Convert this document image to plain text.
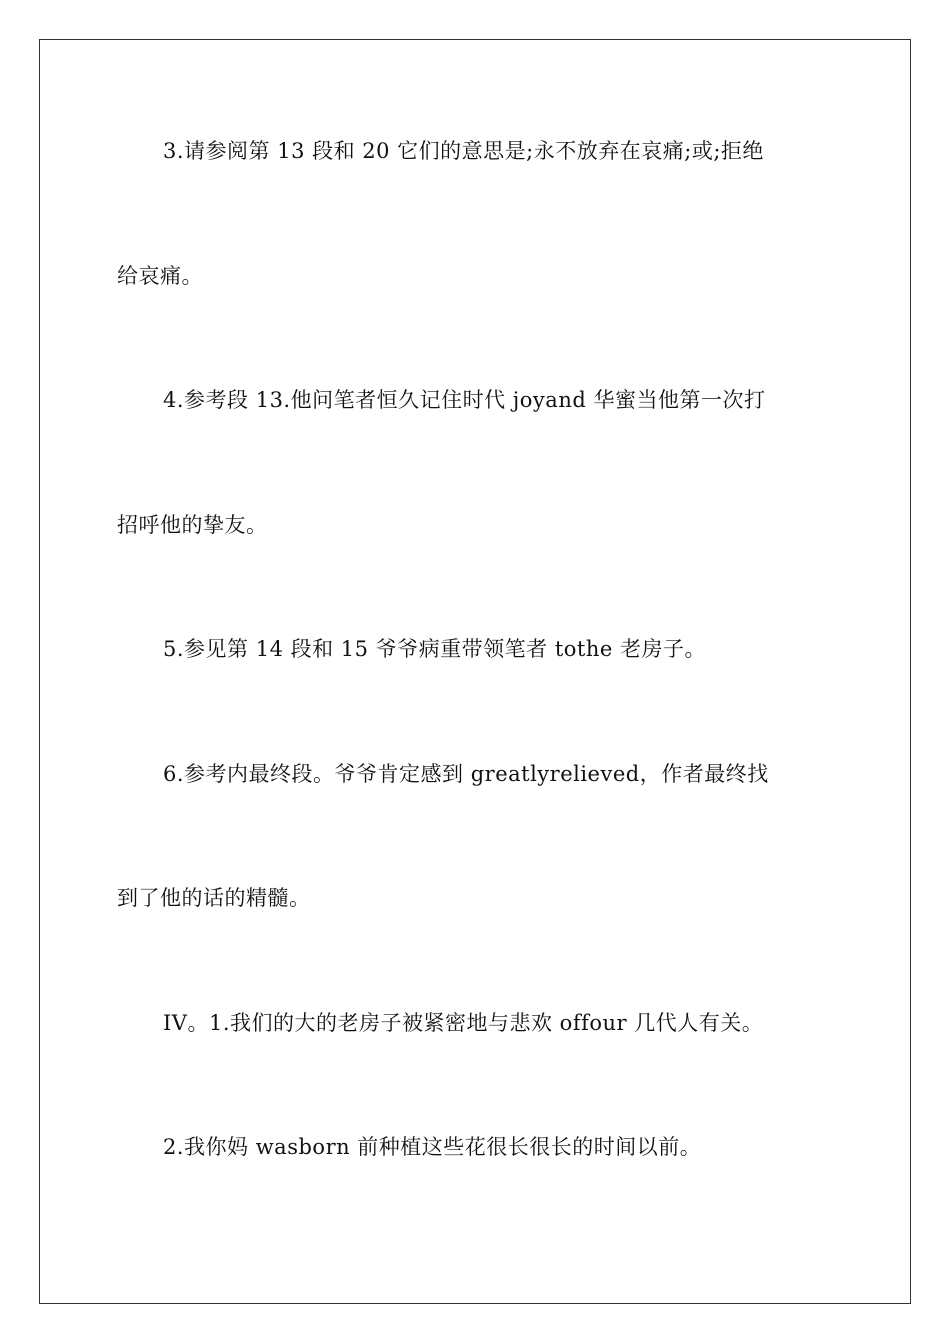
3.请参阅第 13 段和 20 它们的意思是;永不放弃在哀痛;或;拒绝
给哀痛。
4.参考段 13.他问笔者恒久记住时代 joyand 华蜜当他第一次打
招呼他的挚友。
5.参见第 14 段和 15 爷爷病重带领笔者 tothe 老房子。
6.参考内最终段。爷爷肯定感到 greatlyrelieved，作者最终找
到了他的话的精髓。
IV。1.我们的大的老房子被紧密地与悲欢 offour 几代人有关。
2.我你妈 wasborn 前种植这些花很长很长的时间以前。
